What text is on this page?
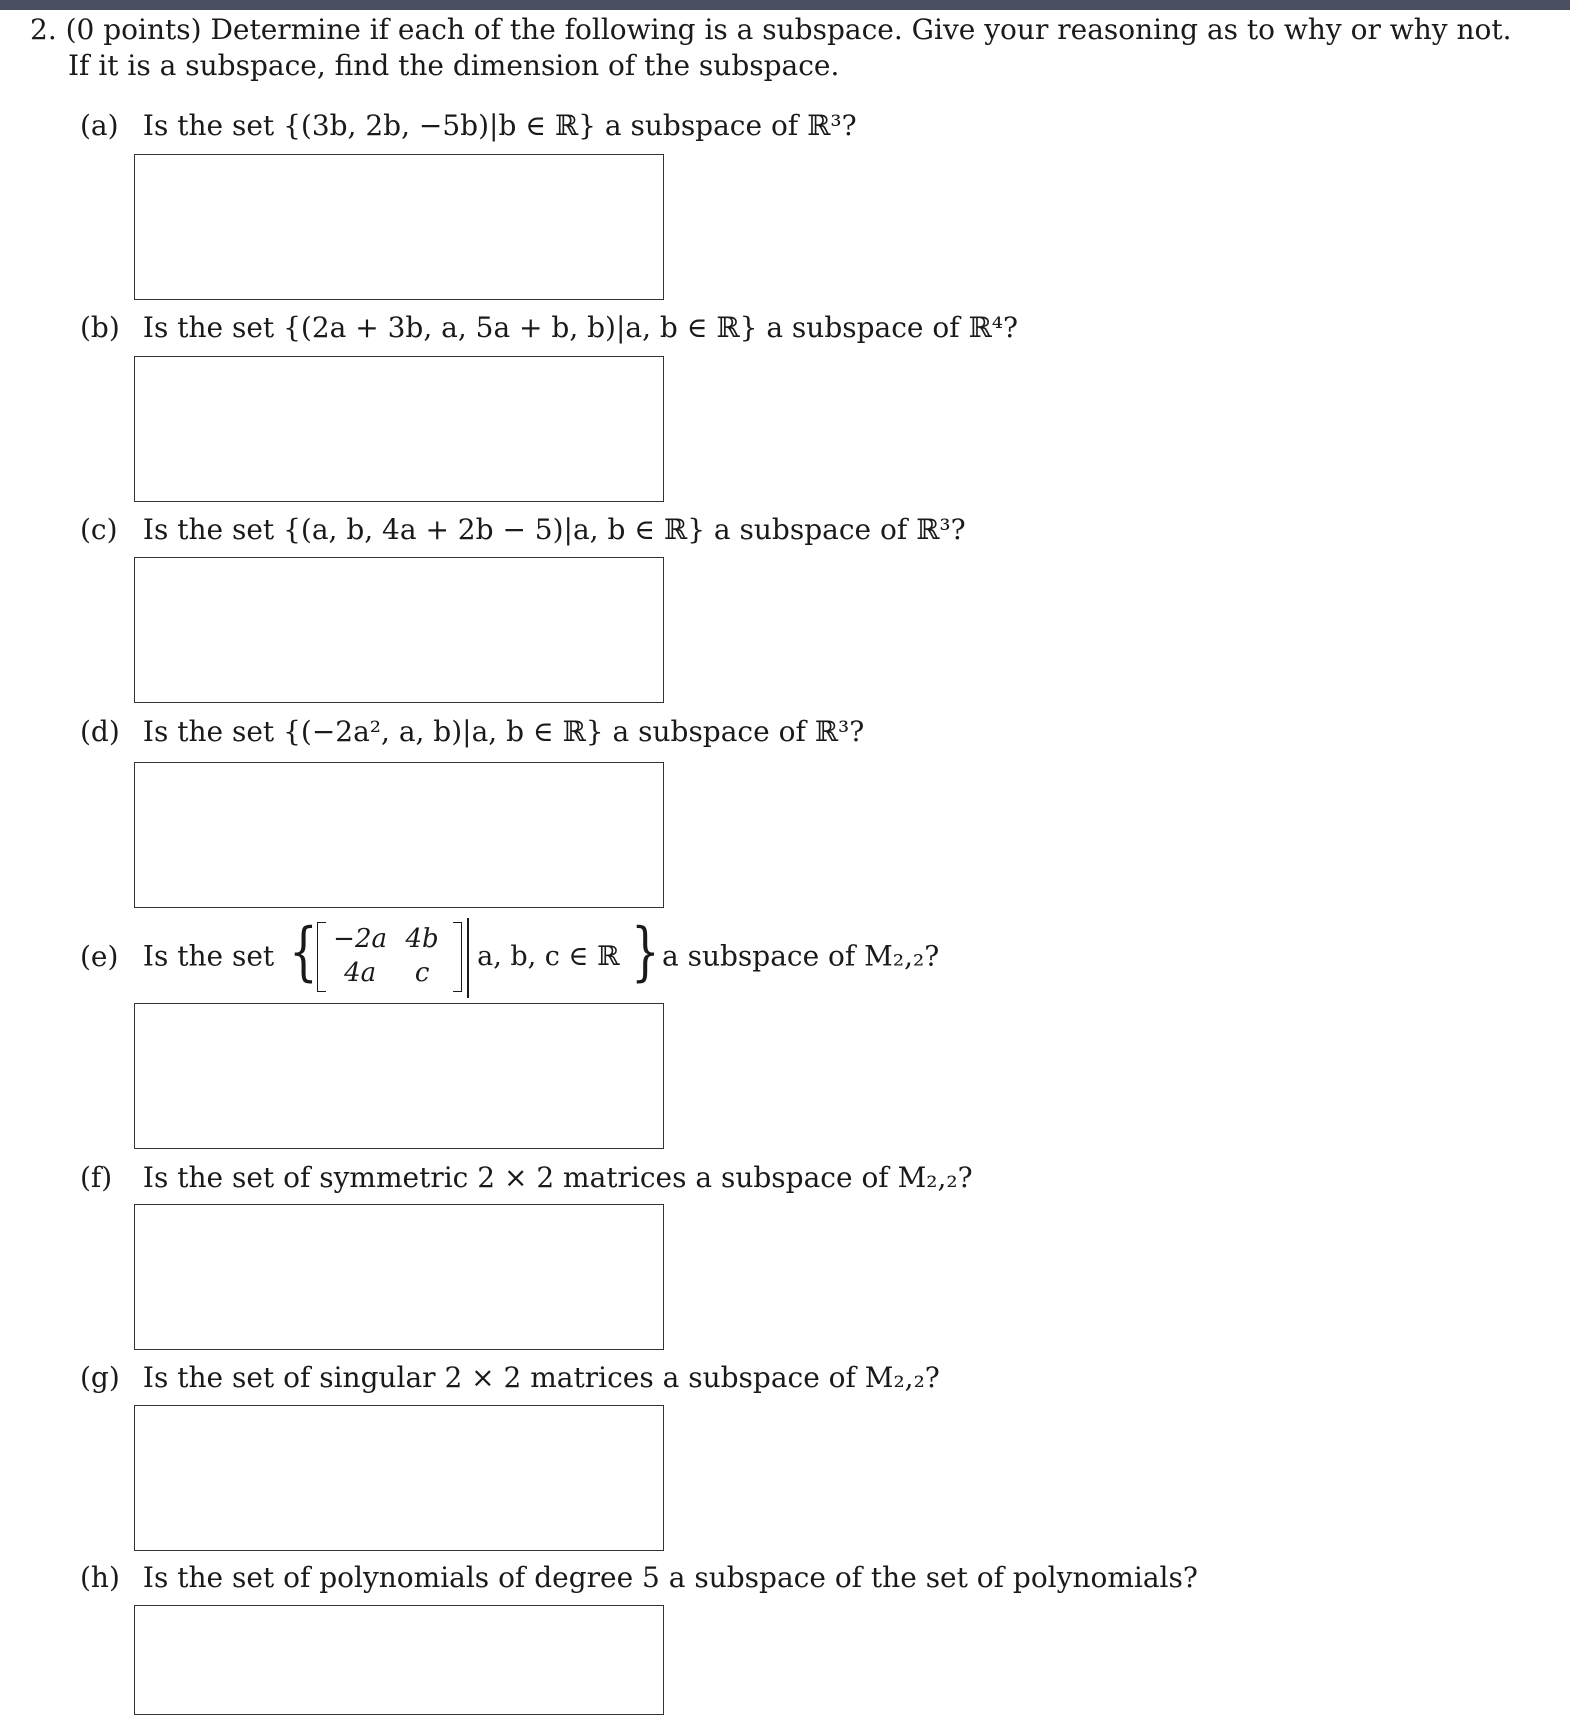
2. (0 points) Determine if each of the following is a subspace. Give your reasoning as to why or why not.
If it is a subspace, find the dimension of the subspace.
(a) Is the set {(3b, 2b, −5b)|b ∈ ℝ} a subspace of ℝ³?
(b) Is the set {(2a + 3b, a, 5a + b, b)|a, b ∈ ℝ} a subspace of ℝ⁴?
(c) Is the set {(a, b, 4a + 2b − 5)|a, b ∈ ℝ} a subspace of ℝ³?
(d) Is the set {(−2a², a, b)|a, b ∈ ℝ} a subspace of ℝ³?
(e) Is the set { −2a 4b
4a	c
a, b, c ∈ ℝ } a subspace of M₂,₂?
(f) Is the set of symmetric 2 × 2 matrices a subspace of M₂,₂?
(g) Is the set of singular 2 × 2 matrices a subspace of M₂,₂?
(h) Is the set of polynomials of degree 5 a subspace of the set of polynomials?
